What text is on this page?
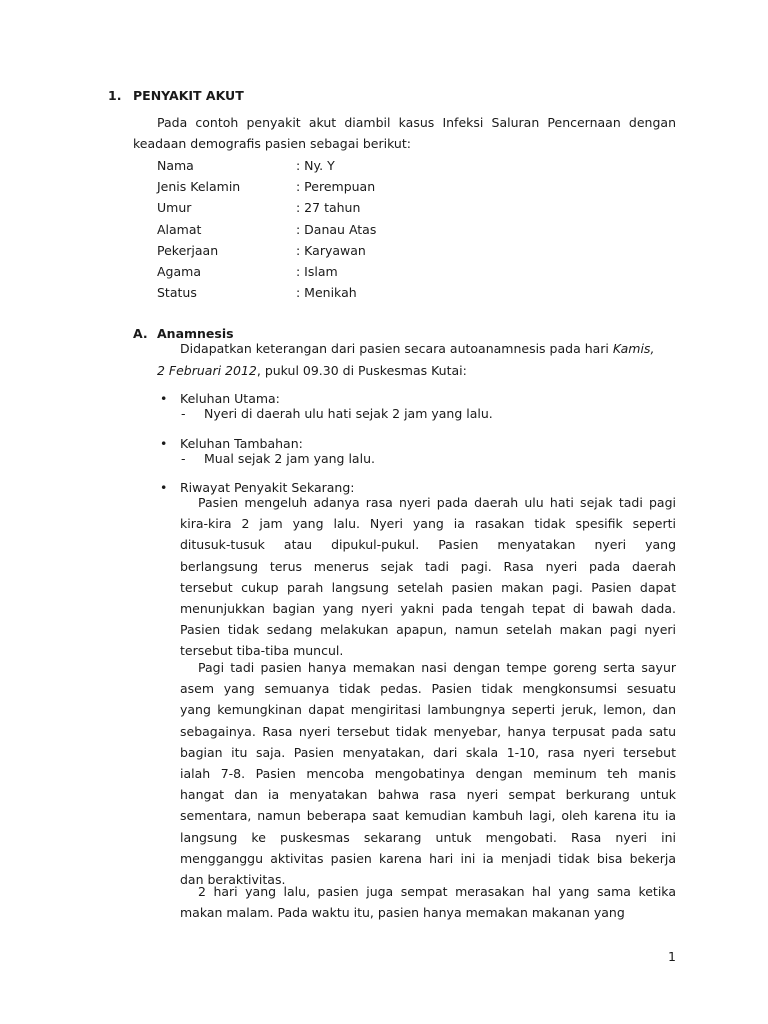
1. PENYAKIT AKUT
Pada contoh penyakit akut diambil kasus Infeksi Saluran Pencernaan dengan
keadaan demografis pasien sebagai berikut:
Nama	: Ny. Y
Jenis Kelamin	: Perempuan
Umur	: 27 tahun
Alamat	: Danau Atas
Pekerjaan	: Karyawan
Agama	: Islam
Status	: Menikah
A. Anamnesis
Didapatkan keterangan dari pasien secara autoanamnesis pada hari Kamis,
2 Februari 2012, pukul 09.30 di Puskesmas Kutai:
• Keluhan Utama:
- Nyeri di daerah ulu hati sejak 2 jam yang lalu.
• Keluhan Tambahan:
- Mual sejak 2 jam yang lalu.
• Riwayat Penyakit Sekarang:
Pasien mengeluh adanya rasa nyeri pada daerah ulu hati sejak tadi pagi
kira-kira 2 jam yang lalu. Nyeri yang ia rasakan tidak spesifik seperti
ditusuk-tusuk atau dipukul-pukul. Pasien menyatakan nyeri yang
berlangsung terus menerus sejak tadi pagi. Rasa nyeri pada daerah
tersebut cukup parah langsung setelah pasien makan pagi. Pasien dapat
menunjukkan bagian yang nyeri yakni pada tengah tepat di bawah dada.
Pasien tidak sedang melakukan apapun, namun setelah makan pagi nyeri
tersebut tiba-tiba muncul.
Pagi tadi pasien hanya memakan nasi dengan tempe goreng serta sayur
asem yang semuanya tidak pedas. Pasien tidak mengkonsumsi sesuatu
yang kemungkinan dapat mengiritasi lambungnya seperti jeruk, lemon, dan
sebagainya. Rasa nyeri tersebut tidak menyebar, hanya terpusat pada satu
bagian itu saja. Pasien menyatakan, dari skala 1-10, rasa nyeri tersebut
ialah 7-8. Pasien mencoba mengobatinya dengan meminum teh manis
hangat dan ia menyatakan bahwa rasa nyeri sempat berkurang untuk
sementara, namun beberapa saat kemudian kambuh lagi, oleh karena itu ia
langsung ke puskesmas sekarang untuk mengobati. Rasa nyeri ini
mengganggu aktivitas pasien karena hari ini ia menjadi tidak bisa bekerja
dan beraktivitas.
2 hari yang lalu, pasien juga sempat merasakan hal yang sama ketika
makan malam. Pada waktu itu, pasien hanya memakan makanan yang
1
